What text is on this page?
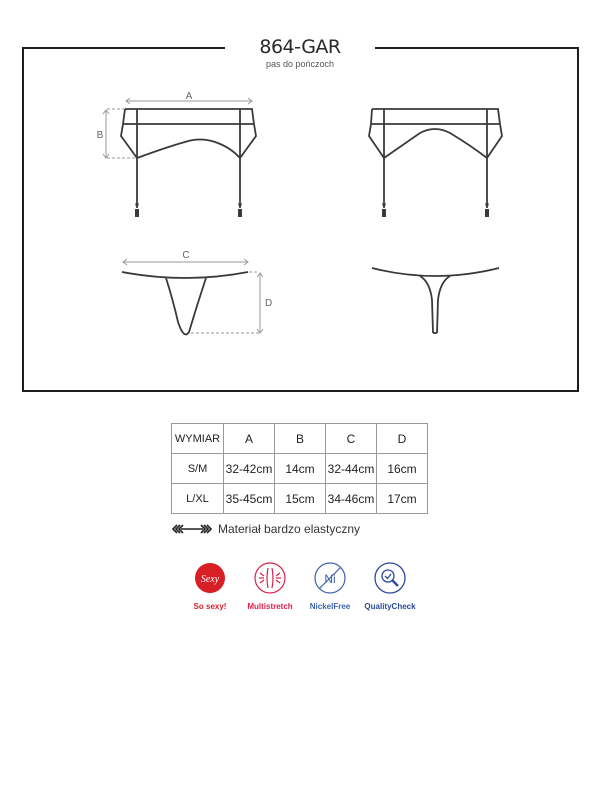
864-GAR
pas do pończoch
A
B
C
D
WYMIAR	A	B	C	D
S/M	32-42cm	14cm	32-44cm	16cm
L/XL	35-45cm	15cm	34-46cm	17cm
Materiał bardzo elastyczny
Sexy
So sexy!	Multistretch
Ni
NickelFree	QualityCheck
